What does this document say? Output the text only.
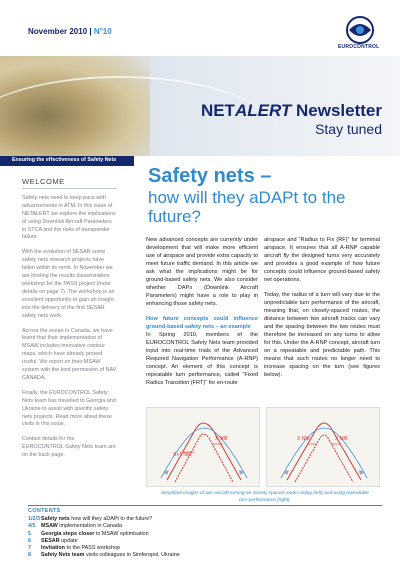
November 2010 | N°10
EUROCONTROL
NETALERT Newsletter
Stay tuned
Ensuring the effectiveness of Safety Nets
WELCOME

Safety nets need to keep pace with advancements in ATM. In this issue of NETALERT we explore the implications of using Downlink Aircraft Parameters in STCA and the risks of transponder failure.

With the evolution of SESAR some safety nets research projects have fallen within its remit. In November we are hosting the results dissemination workshop for the PASS project (more details on page 7). The workshop is an excellent opportunity to gain an insight into the delivery of the first SESAR safety nets work.

Across the ocean in Canada, we have learnt that their implementation of MSAW includes innovative contour maps, which have already proved useful. We report on their MSAW system with the kind permission of NAV CANADA.

Finally, the EUROCONTROL Safety Nets team has travelled to Georgia and Ukraine to assist with specific safety nets projects. Read more about these visits in this issue.

Contact details for the EUROCONTROL Safety Nets team are on the back page.

Safety nets –
how will they aDAPt to the future?

New advanced concepts are currently under development that will make more efficient use of airspace and provide extra capacity to meet future traffic demand. In this article we ask what the implications might be for ground-based safety nets. We also consider whether DAPs (Downlink Aircraft Parameters) might have a role to play in enhancing those safety nets.

How future concepts could influence ground-based safety nets – an example

In Spring 2010, members of the EUROCONTROL Safety Nets team provided input into real-time trials of the Advanced Required Navigation Performance (A-RNP) concept. An element of this concept is repeatable turn performance, called “Fixed Radius Transition (FRT)” for en-route

airspace and “Radius to Fix (RF)” for terminal airspace. It ensures that all A-RNP capable aircraft fly the designed turns very accurately and provides a good example of how future concepts could influence ground-based safety net operations.

Today, the radius of a turn will vary due to the unpredictable turn performance of the aircraft, meaning that, on closely-spaced routes, the distance between two aircraft tracks can vary and the spacing between the two routes must therefore be increased on any turns to allow for this. Under the A-RNP concept, aircraft turn on a repeatable and predictable path. This means that such routes no longer need to increase spacing on the turn (see figures below).

X+1 NM
X NM	X NM	X NM
Simplified images of two aircraft turning on closely spaced routes today (left) and using repeatable turn performance (right).
CONTENTS
1/2/3Safety nets how will they aDAPt to the future?
4/5 MSAW implementation in Canada
5 Georgia steps closer to MSAW optimisation
6 SESAR update
7 Invitation to the PASS workshop
8 Safety Nets team visits colleagues in Simferopol, Ukraine
